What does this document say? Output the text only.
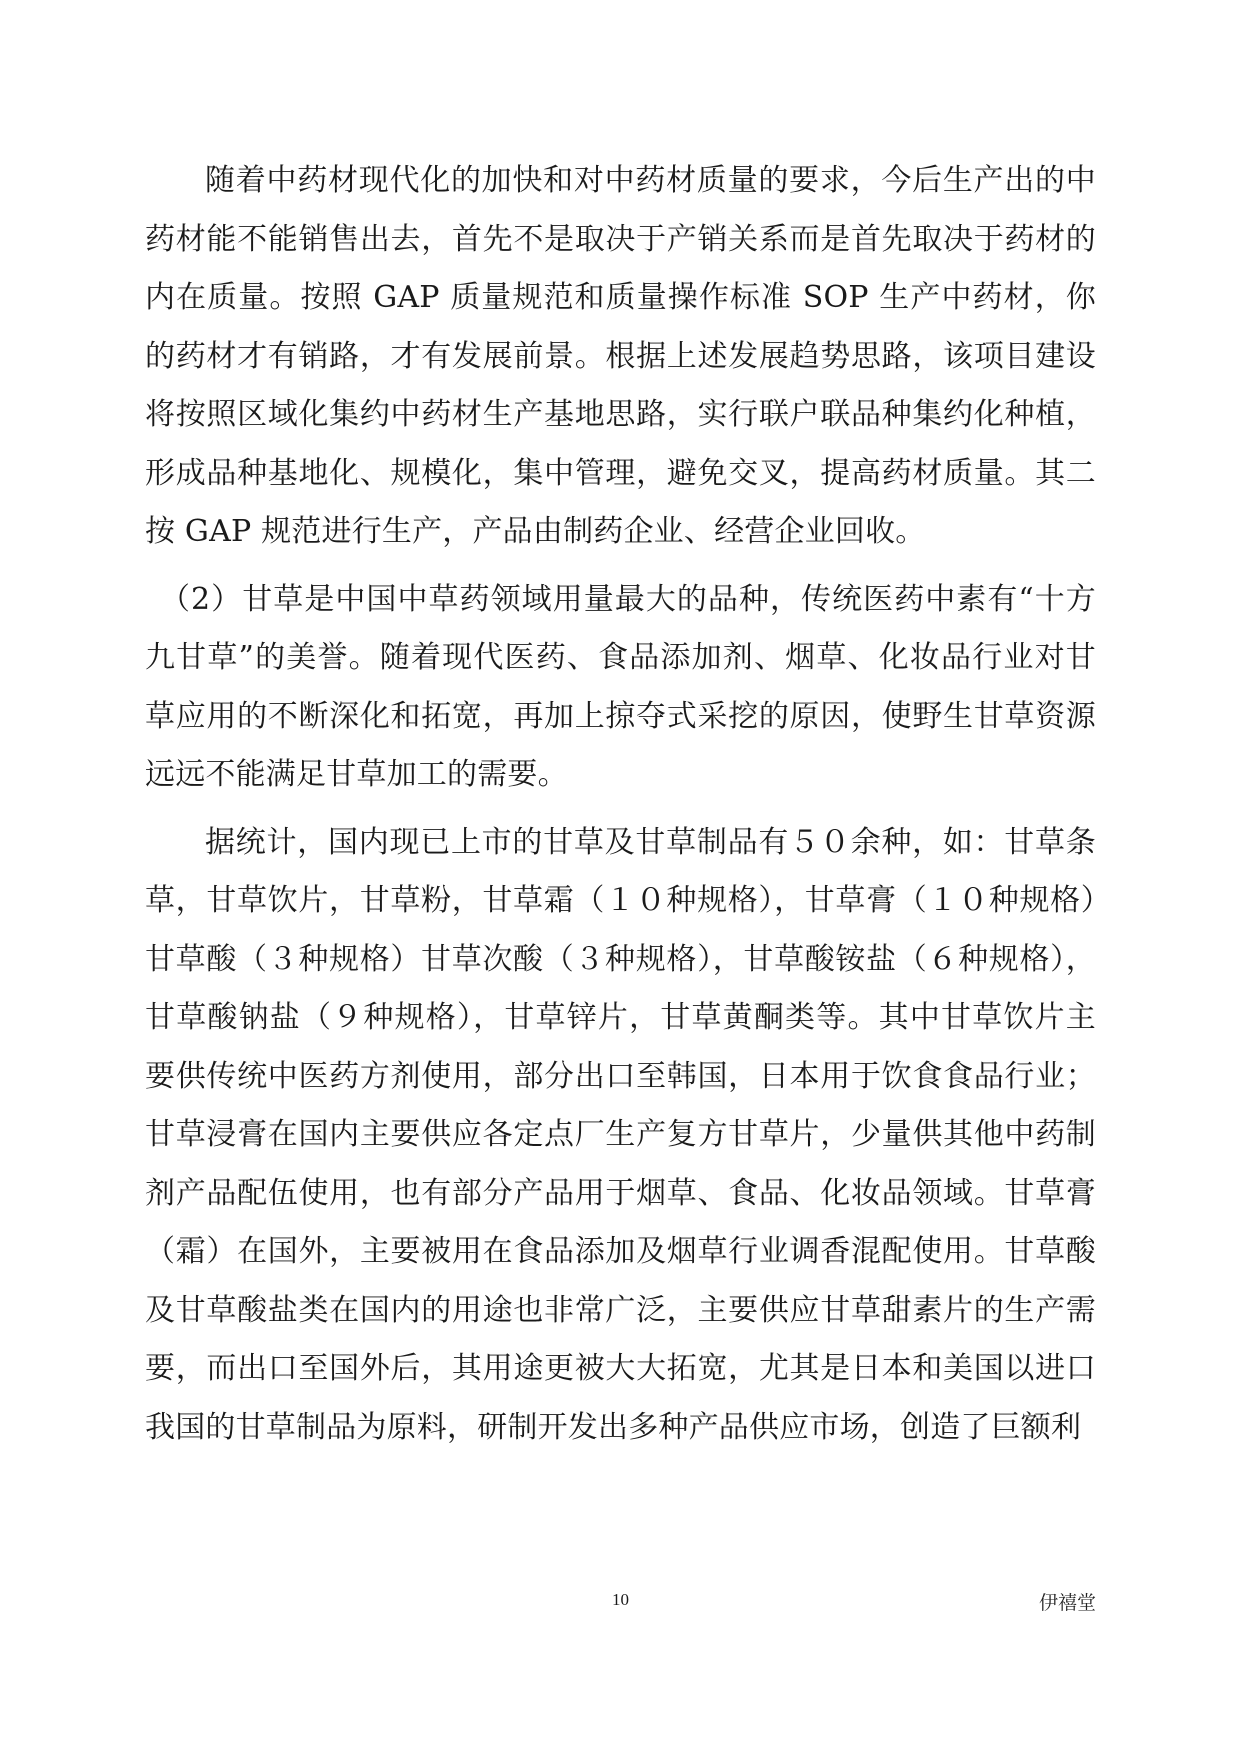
随着中药材现代化的加快和对中药材质量的要求，今后生产出的中药材能不能销售出去，首先不是取决于产销关系而是首先取决于药材的内在质量。按照 GAP 质量规范和质量操作标准 SOP 生产中药材，你的药材才有销路，才有发展前景。根据上述发展趋势思路，该项目建设将按照区域化集约中药材生产基地思路，实行联户联品种集约化种植，形成品种基地化、规模化，集中管理，避免交叉，提高药材质量。其二按 GAP 规范进行生产，产品由制药企业、经营企业回收。

（2）甘草是中国中草药领域用量最大的品种，传统医药中素有“十方九甘草”的美誉。随着现代医药、食品添加剂、烟草、化妆品行业对甘草应用的不断深化和拓宽，再加上掠夺式采挖的原因，使野生甘草资源远远不能满足甘草加工的需要。

据统计，国内现已上市的甘草及甘草制品有５０余种，如：甘草条草，甘草饮片，甘草粉，甘草霜（１０种规格），甘草膏（１０种规格）甘草酸（３种规格）甘草次酸（３种规格），甘草酸铵盐（６种规格），甘草酸钠盐（９种规格），甘草锌片，甘草黄酮类等。其中甘草饮片主要供传统中医药方剂使用，部分出口至韩国，日本用于饮食食品行业；甘草浸膏在国内主要供应各定点厂生产复方甘草片，少量供其他中药制剂产品配伍使用，也有部分产品用于烟草、食品、化妆品领域。甘草膏（霜）在国外，主要被用在食品添加及烟草行业调香混配使用。甘草酸及甘草酸盐类在国内的用途也非常广泛，主要供应甘草甜素片的生产需要，而出口至国外后，其用途更被大大拓宽，尤其是日本和美国以进口我国的甘草制品为原料，研制开发出多种产品供应市场，创造了巨额利

10	伊禧堂
